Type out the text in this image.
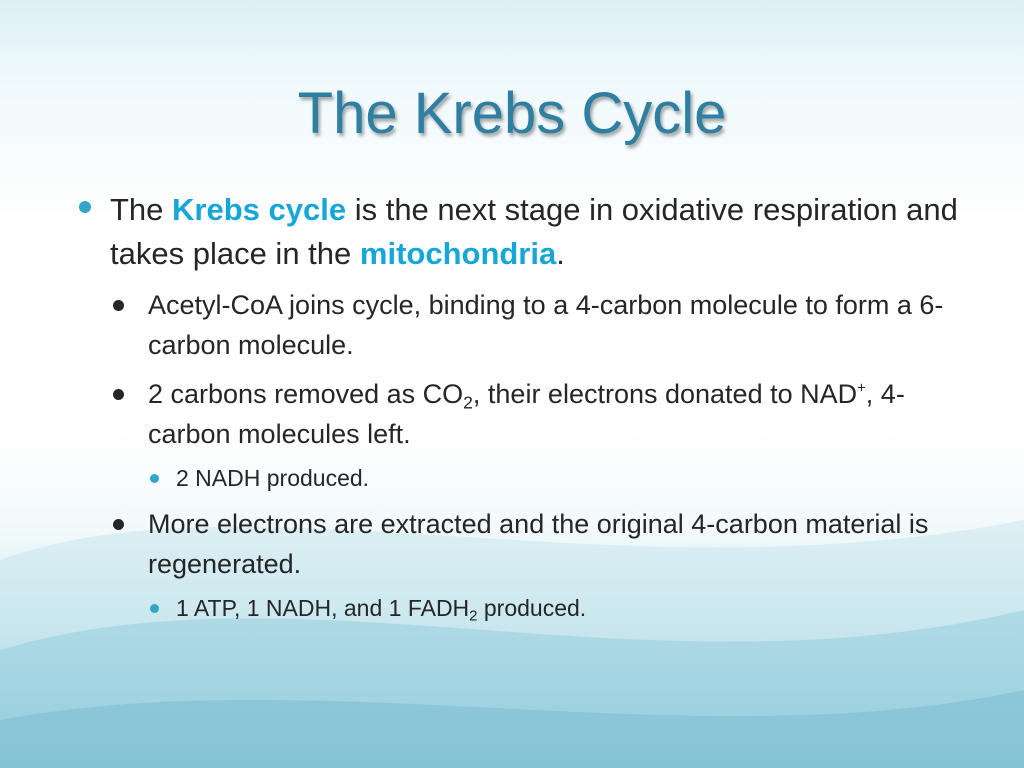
The Krebs Cycle
The Krebs cycle is the next stage in oxidative respiration and takes place in the mitochondria.
Acetyl-CoA joins cycle, binding to a 4-carbon molecule to form a 6-carbon molecule.
2 carbons removed as $CO_2$, their electrons donated to NAD+, 4-carbon molecules left.
2 NADH produced.
More electrons are extracted and the original 4-carbon material is regenerated.
1 ATP, 1 NADH, and 1 $FADH_2$ produced.
